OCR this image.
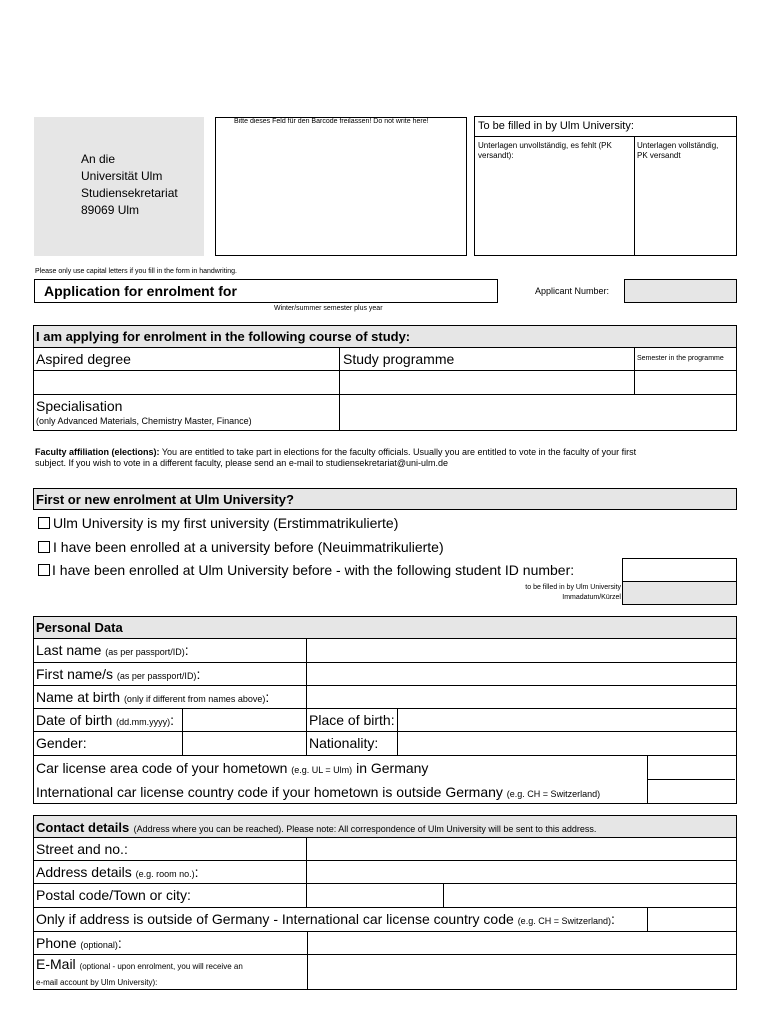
An die
Universität Ulm
Studiensekretariat
89069 Ulm
Bitte dieses Feld für den Barcode freilassen! Do not write here!	To be filled in by Ulm University:
Unterlagen unvollständig, es fehlt (PK
versandt):
Unterlagen vollständig,
PK versandt
Please only use capital letters if you fill in the form in handwriting.
Application for enrolment for
Winter/summer semester plus year
Applicant Number:
I am applying for enrolment in the following course of study:
Aspired degree	Study programme	Semester in the programme
Specialisation
(only Advanced Materials, Chemistry Master, Finance)
Faculty affiliation (elections): You are entitled to take part in elections for the faculty officials. Usually you are entitled to vote in the faculty of your first
subject. If you wish to vote in a different faculty, please send an e-mail to studiensekretariat@uni-ulm.de
First or new enrolment at Ulm University?
Ulm University is my first university (Erstimmatrikulierte)
I have been enrolled at a university before (Neuimmatrikulierte)
I have been enrolled at Ulm University before - with the following student ID number:
to be filled in by Ulm University
Immadatum/Kürzel
Personal Data
Last name (as per passport/ID):
First name/s (as per passport/ID):
Name at birth (only if different from names above):
Date of birth (dd.mm.yyyy):	Place of birth:
Gender:	Nationality:
Car license area code of your hometown (e.g. UL = Ulm) in Germany
International car license country code if your hometown is outside Germany (e.g. CH = Switzerland)
Contact details (Address where you can be reached). Please note: All correspondence of Ulm University will be sent to this address.
Street and no.:
Address details (e.g. room no.):
Postal code/Town or city:
Only if address is outside of Germany - International car license country code (e.g. CH = Switzerland):
Phone (optional):
E-Mail (optional - upon enrolment, you will receive an
e-mail account by Ulm University):
